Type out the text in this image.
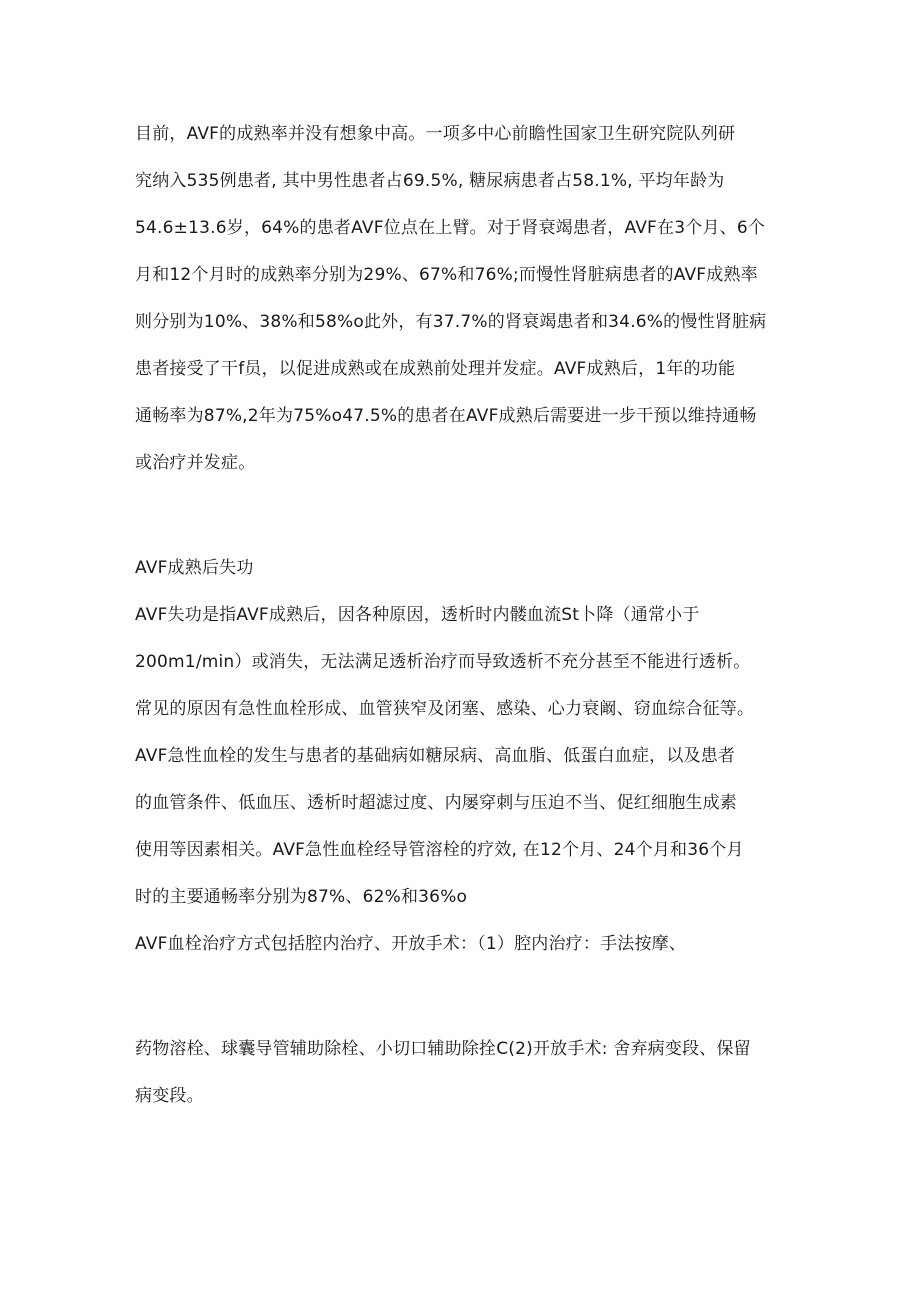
目前，AVF的成熟率并没有想象中高。一项多中心前瞻性国家卫生研究院队列研
究纳入535例患者, 其中男性患者占69.5%, 糖尿病患者占58.1%, 平均年龄为
54.6±13.6岁，64%的患者AVF位点在上臂。对于肾衰竭患者，AVF在3个月、6个
月和12个月时的成熟率分别为29%、67%和76%;而慢性肾脏病患者的AVF成熟率
则分别为10%、38%和58%o此外，有37.7%的肾衰竭患者和34.6%的慢性肾脏病
患者接受了干f员，以促进成熟或在成熟前处理并发症。AVF成熟后，1年的功能
通畅率为87%,2年为75%o47.5%的患者在AVF成熟后需要进一步干预以维持通畅
或治疗并发症。
AVF成熟后失功
AVF失功是指AVF成熟后，因各种原因，透析时内髅血流St卜降（通常小于
200m1∕min）或消失，无法满足透析治疗而导致透析不充分甚至不能进行透析。
常见的原因有急性血栓形成、血管狭窄及闭塞、感染、心力衰阚、窃血综合征等。
AVF急性血栓的发生与患者的基础病如糖尿病、高血脂、低蛋白血症，以及患者
的血管条件、低血压、透析时超滤过度、内屡穿刺与压迫不当、促红细胞生成素
使用等因素相关。AVF急性血栓经导管溶栓的疗效, 在12个月、24个月和36个月
时的主要通畅率分别为87%、62%和36%o
AVF血栓治疗方式包括腔内治疗、开放手术：（1）腔内治疗：手法按摩、
药物溶栓、球囊导管辅助除栓、小切口辅助除拴C(2)开放手术: 舍弃病变段、保留
病变段。
